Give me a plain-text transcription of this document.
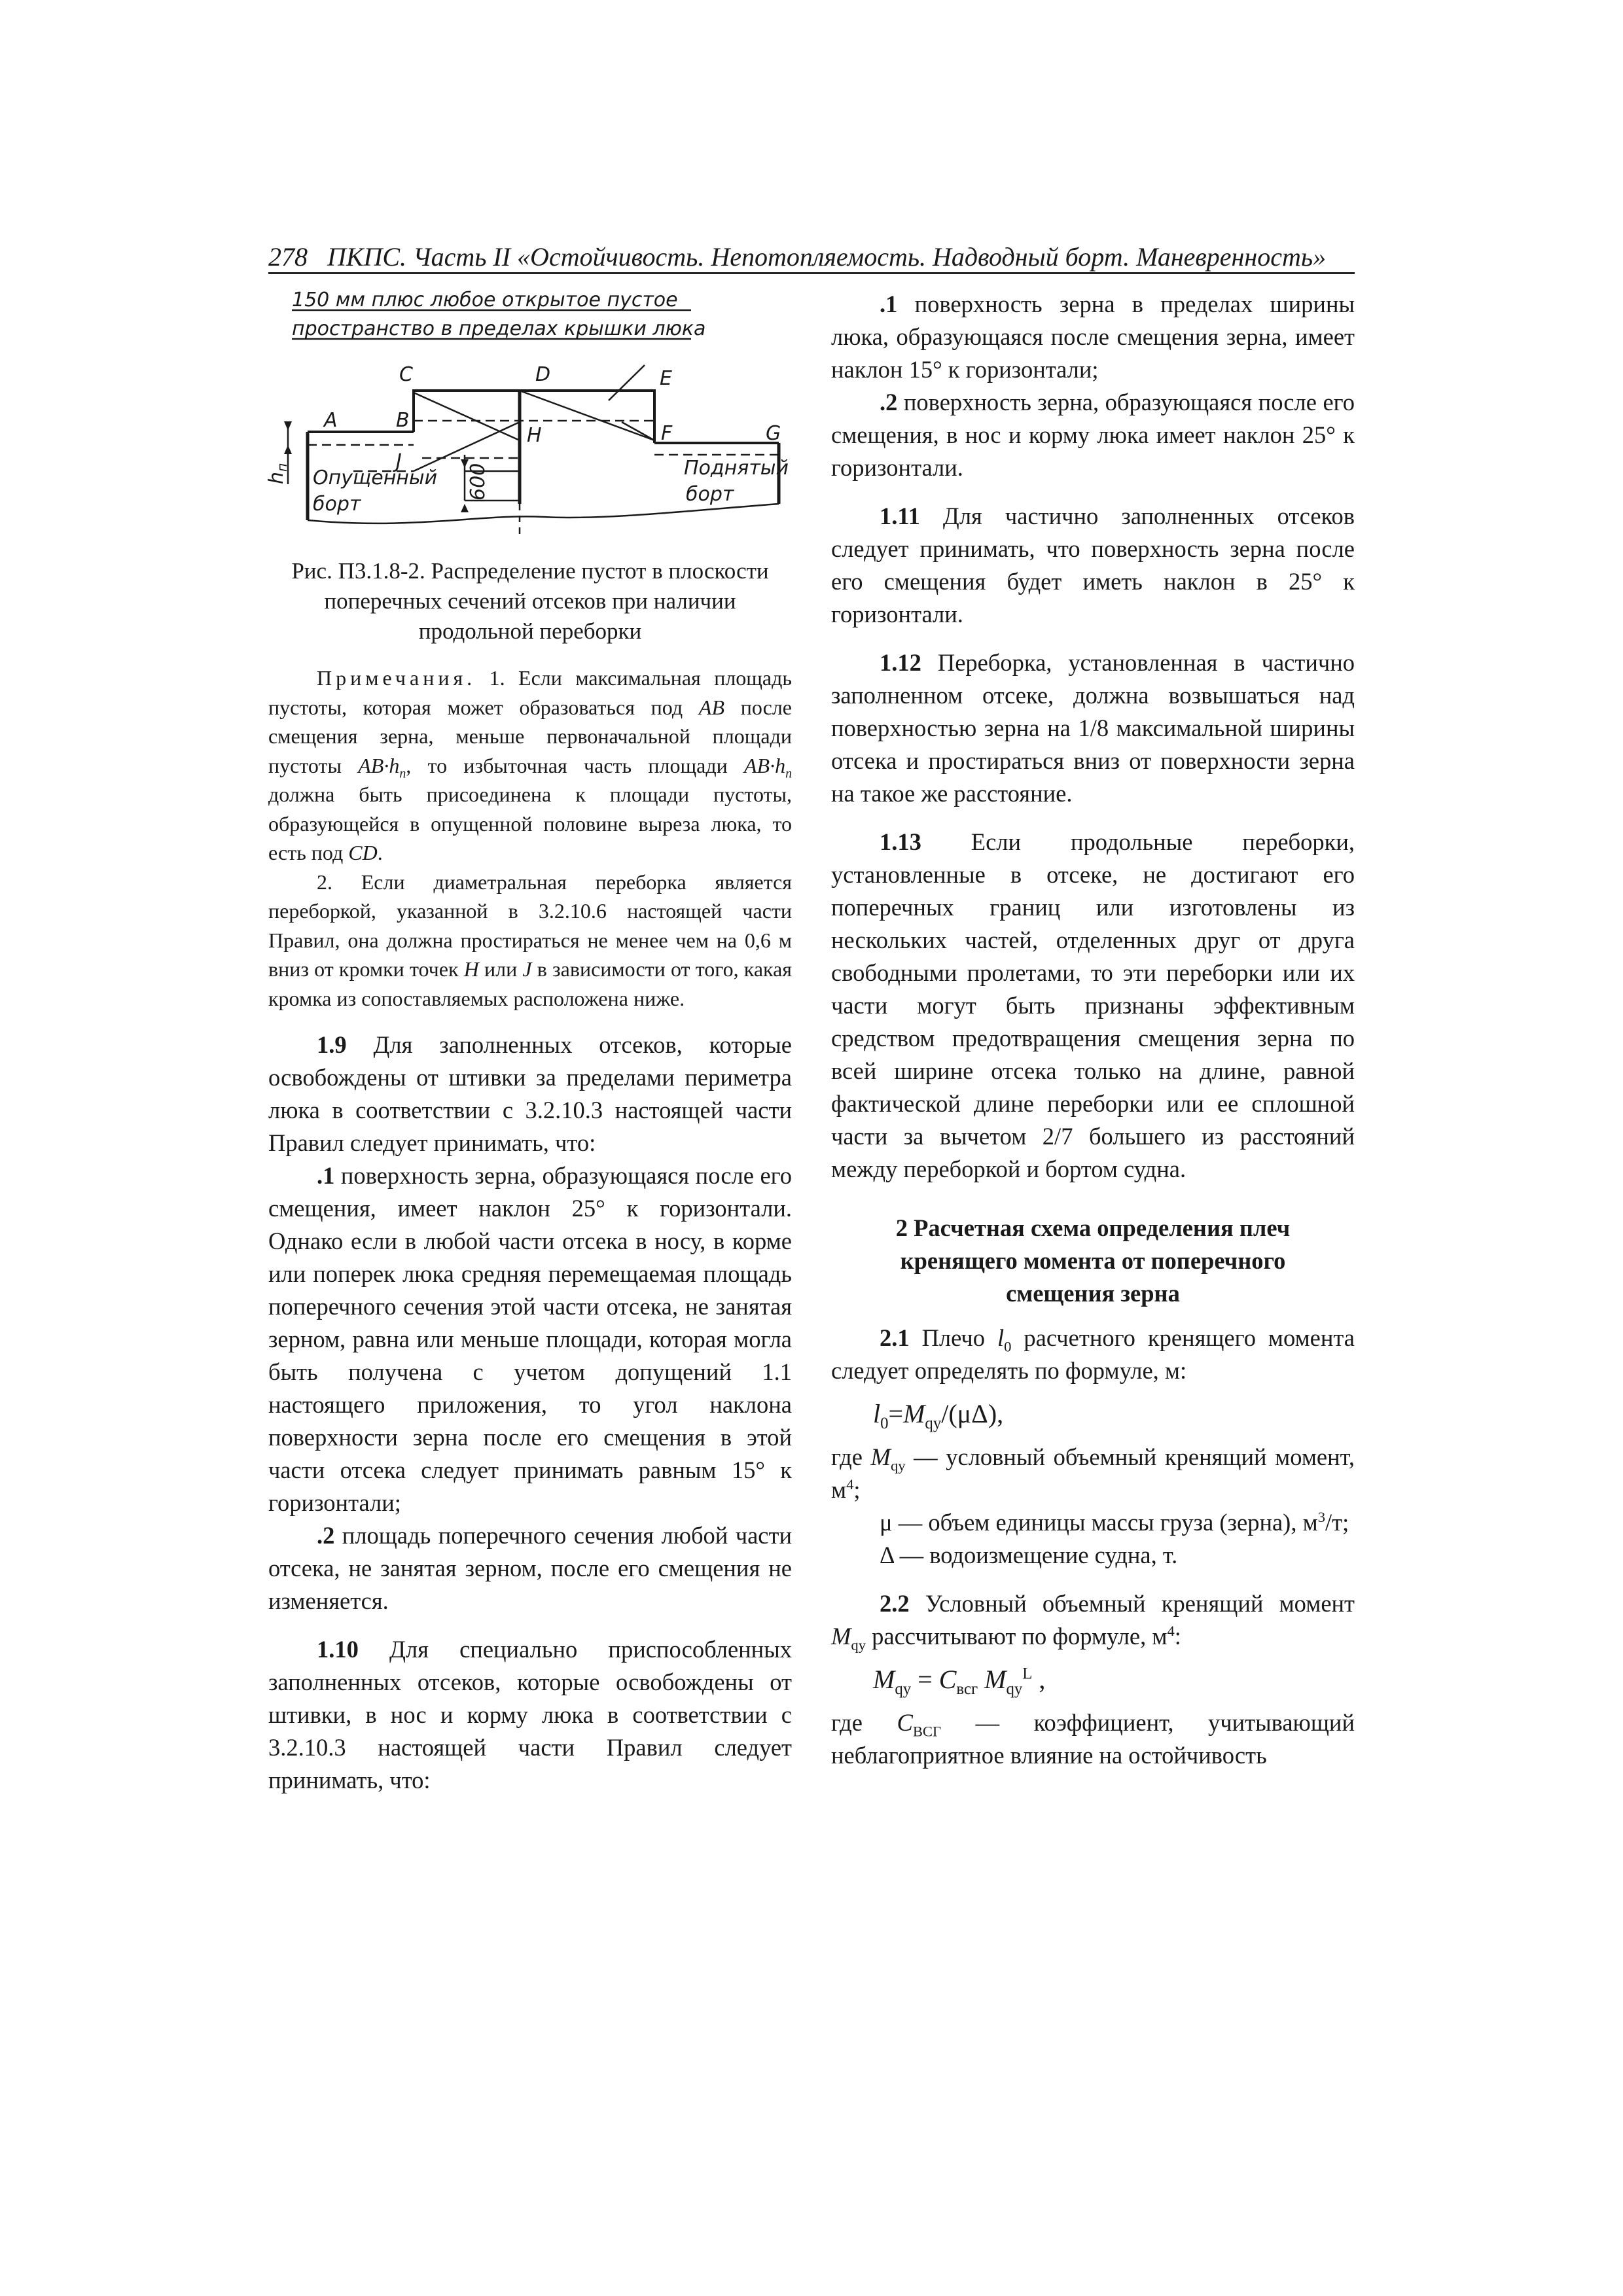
278 ПКПС. Часть II «Остойчивость. Непотопляемость. Надводный борт. Маневренность»
150 мм плюс любое открытое пустое
пространство в пределах крышки люка
C	D	E
A	B
H	F	G
J
$h_п$	600
Опущенный
борт
Поднятый
борт

Рис. П3.1.8-2. Распределение пустот в плоскости поперечных сечений отсеков при наличии продольной переборки

Примечания. 1. Если максимальная площадь пустоты, которая может образоваться под AB после смещения зерна, меньше первоначальной площади пустоты $AB\cdot h_п$, то избыточная часть площади $AB\cdot h_п$ должна быть присоединена к площади пустоты, образующейся в опущенной половине выреза люка, то есть под CD.

2. Если диаметральная переборка является переборкой, указанной в 3.2.10.6 настоящей части Правил, она должна простираться не менее чем на 0,6 м вниз от кромки точек H или J в зависимости от того, какая кромка из сопоставляемых расположена ниже.

1.9 Для заполненных отсеков, которые освобождены от штивки за пределами периметра люка в соответствии с 3.2.10.3 настоящей части Правил следует принимать, что:

.1 поверхность зерна, образующаяся после его смещения, имеет наклон 25° к горизонтали. Однако если в любой части отсека в носу, в корме или поперек люка средняя перемещаемая площадь поперечного сечения этой части отсека, не занятая зерном, равна или меньше площади, которая могла быть получена с учетом допущений 1.1 настоящего приложения, то угол наклона поверхности зерна после его смещения в этой части отсека следует принимать равным 15° к горизонтали;

.2 площадь поперечного сечения любой части отсека, не занятая зерном, после его смещения не изменяется.

1.10 Для специально приспособленных заполненных отсеков, которые освобождены от штивки, в нос и корму люка в соответствии с 3.2.10.3 настоящей части Правил следует принимать, что:

.1 поверхность зерна в пределах ширины люка, образующаяся после смещения зерна, имеет наклон 15° к горизонтали;

.2 поверхность зерна, образующаяся после его смещения, в нос и корму люка имеет наклон 25° к горизонтали.

1.11 Для частично заполненных отсеков следует принимать, что поверхность зерна после его смещения будет иметь наклон в 25° к горизонтали.

1.12 Переборка, установленная в частично заполненном отсеке, должна возвышаться над поверхностью зерна на 1/8 максимальной ширины отсека и простираться вниз от поверхности зерна на такое же расстояние.

1.13 Если продольные переборки, установленные в отсеке, не достигают его поперечных границ или изготовлены из нескольких частей, отделенных друг от друга свободными пролетами, то эти переборки или их части могут быть признаны эффективным средством предотвращения смещения зерна по всей ширине отсека только на длине, равной фактической длине переборки или ее сплошной части за вычетом 2/7 большего из расстояний между переборкой и бортом судна.

2 Расчетная схема определения плеч кренящего момента от поперечного смещения зерна

2.1 Плечо $l_0$ расчетного кренящего момента следует определять по формуле, м:

$l_0=M_{qy}/(\mu\Delta)$,

где $M_{qy}$ — условный объемный кренящий момент, $м^4$;

μ — объем единицы массы груза (зерна), $м^3/т$;

Δ — водоизмещение судна, т.

2.2 Условный объемный кренящий момент $M_{qy}$ рассчитывают по формуле, $м^4$:

$M_{qy} = C_{всг}$ $M_{qy}^L$ ,

где $C_{ВСГ}$ — коэффициент, учитывающий неблагоприятное влияние на остойчивость
